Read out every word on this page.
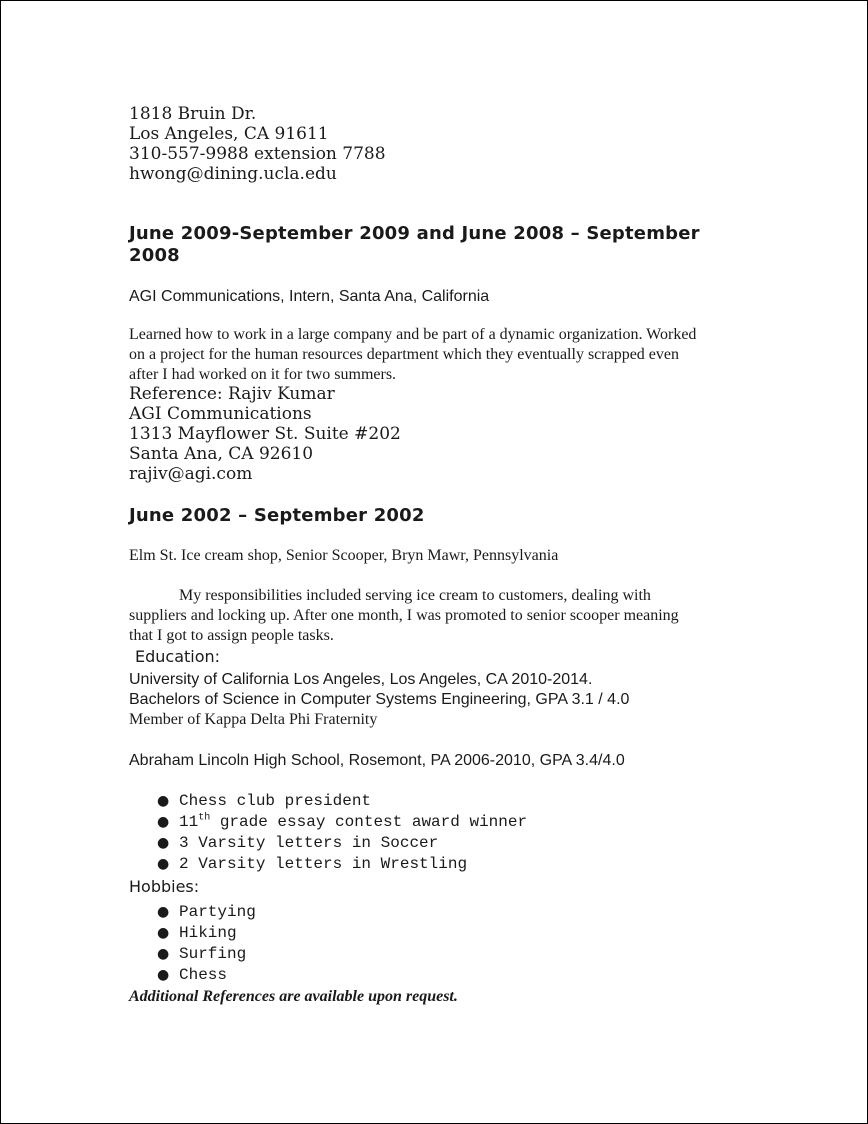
1818 Bruin Dr.
Los Angeles, CA 91611
310-557-9988 extension 7788
hwong@dining.ucla.edu
June 2009-September 2009 and June 2008 – September
2008
AGI Communications, Intern, Santa Ana, California
Learned how to work in a large company and be part of a dynamic organization. Worked
on a project for the human resources department which they eventually scrapped even
after I had worked on it for two summers.
Reference: Rajiv Kumar
AGI Communications
1313 Mayflower St. Suite #202
Santa Ana, CA 92610
rajiv@agi.com
June 2002 – September 2002
Elm St. Ice cream shop, Senior Scooper, Bryn Mawr, Pennsylvania
My responsibilities included serving ice cream to customers, dealing with
suppliers and locking up. After one month, I was promoted to senior scooper meaning
that I got to assign people tasks.
Education:
University of California Los Angeles, Los Angeles, CA 2010-2014.
Bachelors of Science in Computer Systems Engineering, GPA 3.1 / 4.0
Member of Kappa Delta Phi Fraternity
Abraham Lincoln High School, Rosemont, PA 2006-2010, GPA 3.4/4.0
● Chess club president
● 11th grade essay contest award winner
● 3 Varsity letters in Soccer
● 2 Varsity letters in Wrestling
Hobbies:
● Partying
● Hiking
● Surfing
● Chess
Additional References are available upon request.
